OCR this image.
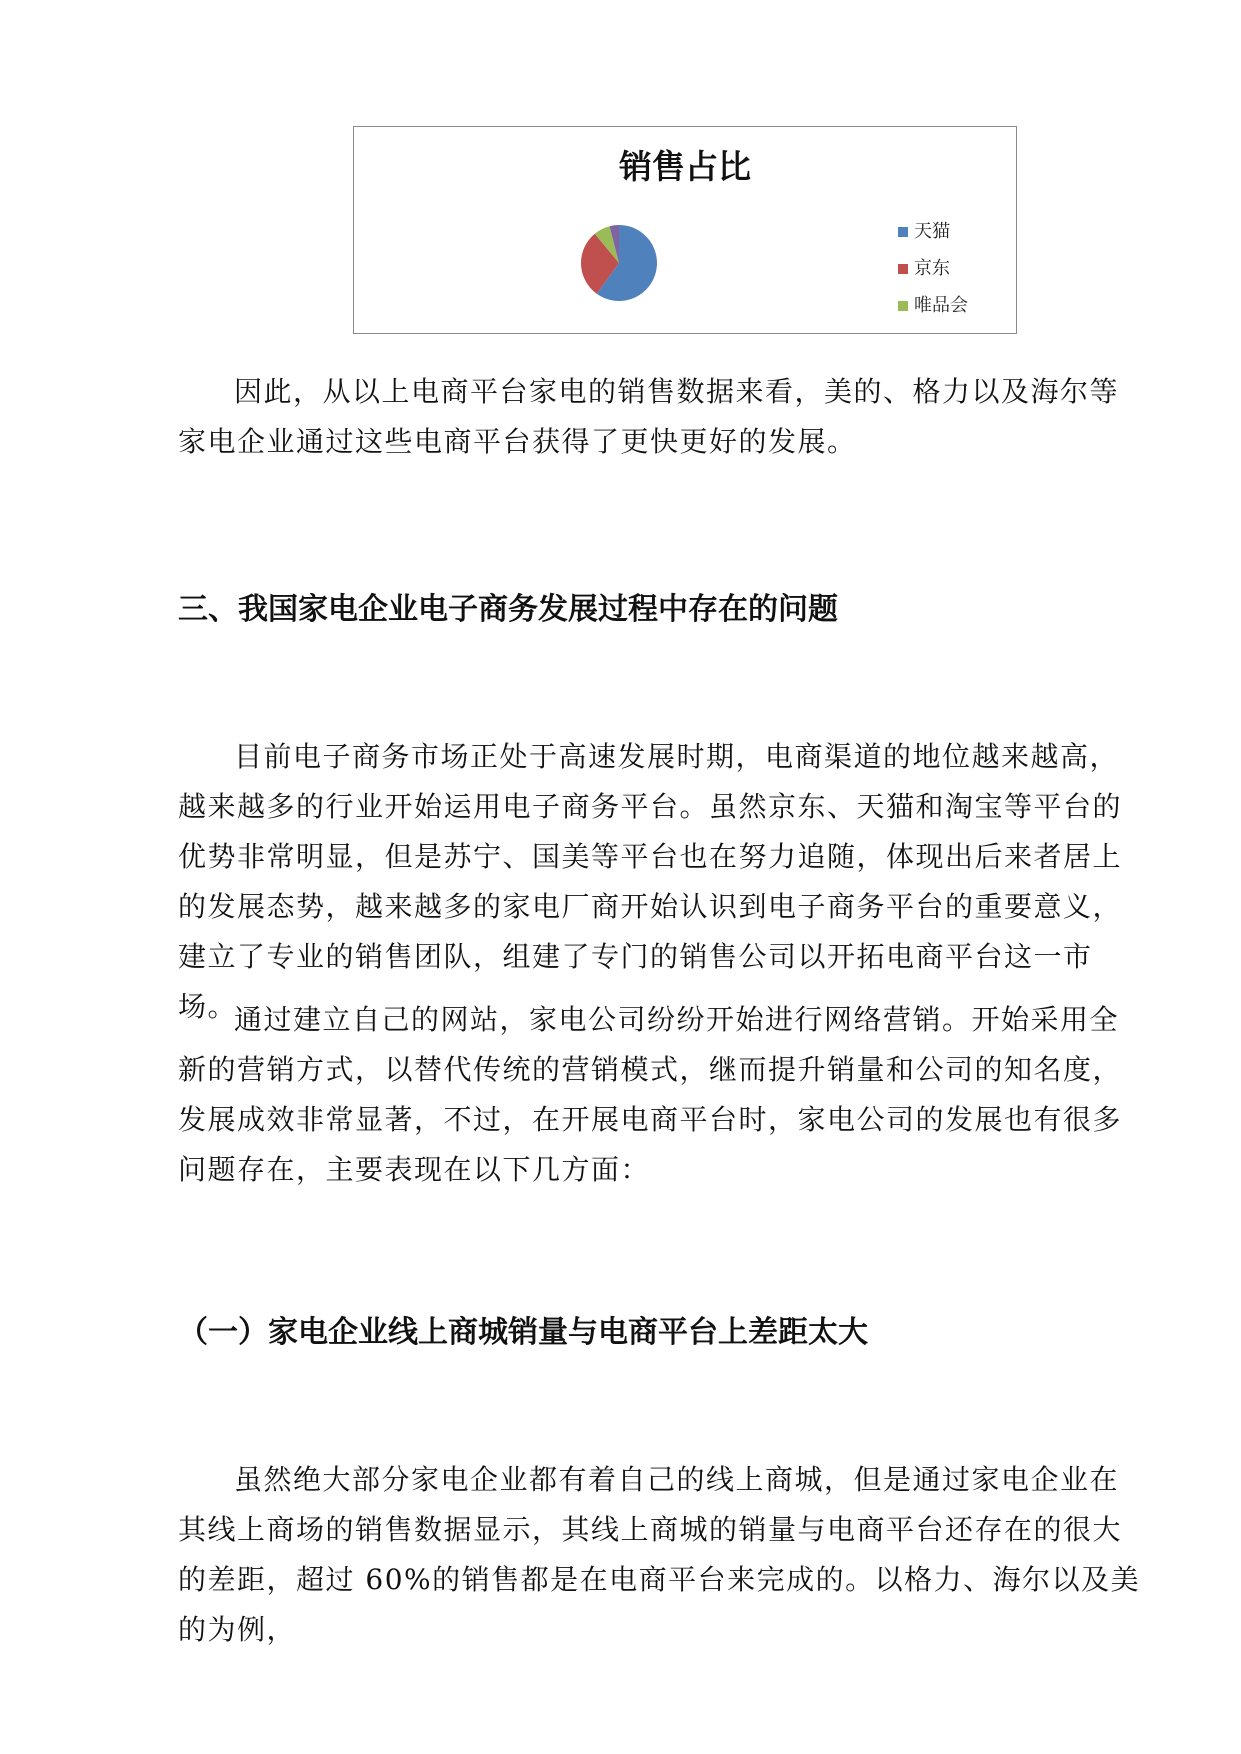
销售占比
天猫
京东
唯品会

因此，从以上电商平台家电的销售数据来看，美的、格力以及海尔等家电企业通过这些电商平台获得了更快更好的发展。

三、我国家电企业电子商务发展过程中存在的问题

目前电子商务市场正处于高速发展时期，电商渠道的地位越来越高，越来越多的行业开始运用电子商务平台。虽然京东、天猫和淘宝等平台的优势非常明显，但是苏宁、国美等平台也在努力追随，体现出后来者居上的发展态势，越来越多的家电厂商开始认识到电子商务平台的重要意义，建立了专业的销售团队，组建了专门的销售公司以开拓电商平台这一市场。

通过建立自己的网站，家电公司纷纷开始进行网络营销。开始采用全新的营销方式，以替代传统的营销模式，继而提升销量和公司的知名度，发展成效非常显著，不过，在开展电商平台时，家电公司的发展也有很多问题存在，主要表现在以下几方面：

（一）家电企业线上商城销量与电商平台上差距太大

虽然绝大部分家电企业都有着自己的线上商城，但是通过家电企业在其线上商场的销售数据显示，其线上商城的销量与电商平台还存在的很大的差距，超过 60%的销售都是在电商平台来完成的。以格力、海尔以及美的为例，
